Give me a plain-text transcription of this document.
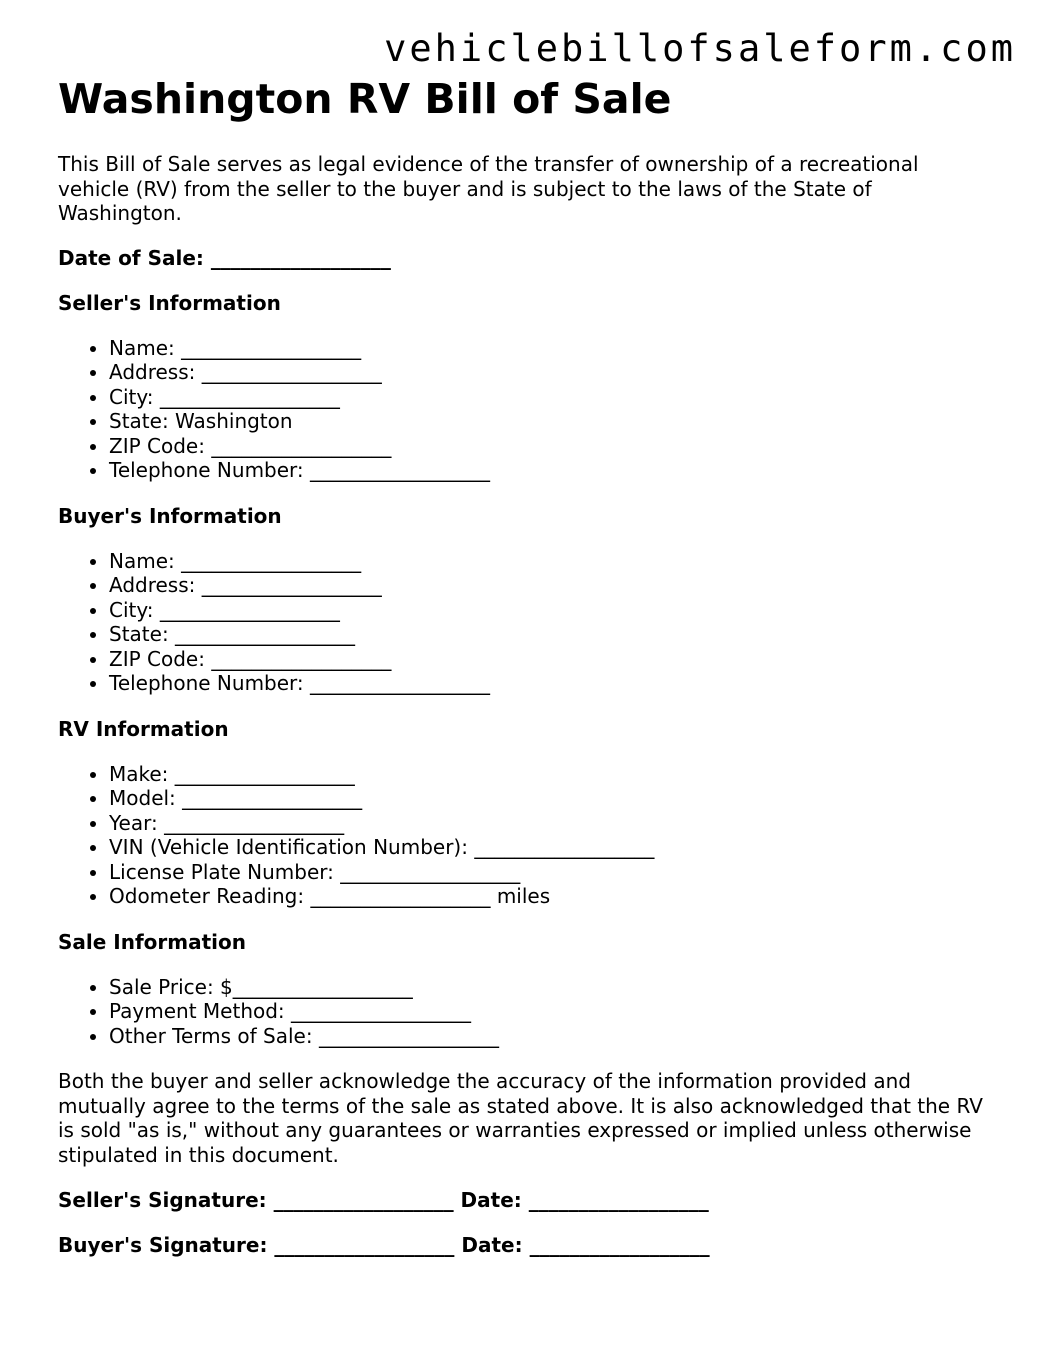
vehiclebillofsaleform.com
Washington RV Bill of Sale

This Bill of Sale serves as legal evidence of the transfer of ownership of a recreational vehicle (RV) from the seller to the buyer and is subject to the laws of the State of Washington.

Date of Sale: __________________

Seller's Information
• Name: __________________
• Address: __________________
• City: __________________
• State: Washington
• ZIP Code: __________________
• Telephone Number: __________________
Buyer's Information
• Name: __________________
• Address: __________________
• City: __________________
• State: __________________
• ZIP Code: __________________
• Telephone Number: __________________
RV Information
• Make: __________________
• Model: __________________
• Year: __________________
• VIN (Vehicle Identification Number): __________________
• License Plate Number: __________________
• Odometer Reading: __________________ miles
Sale Information
• Sale Price: $__________________
• Payment Method: __________________
• Other Terms of Sale: __________________

Both the buyer and seller acknowledge the accuracy of the information provided and mutually agree to the terms of the sale as stated above. It is also acknowledged that the RV is sold "as is," without any guarantees or warranties expressed or implied unless otherwise stipulated in this document.

Seller's Signature: __________________ Date: __________________

Buyer's Signature: __________________ Date: __________________
